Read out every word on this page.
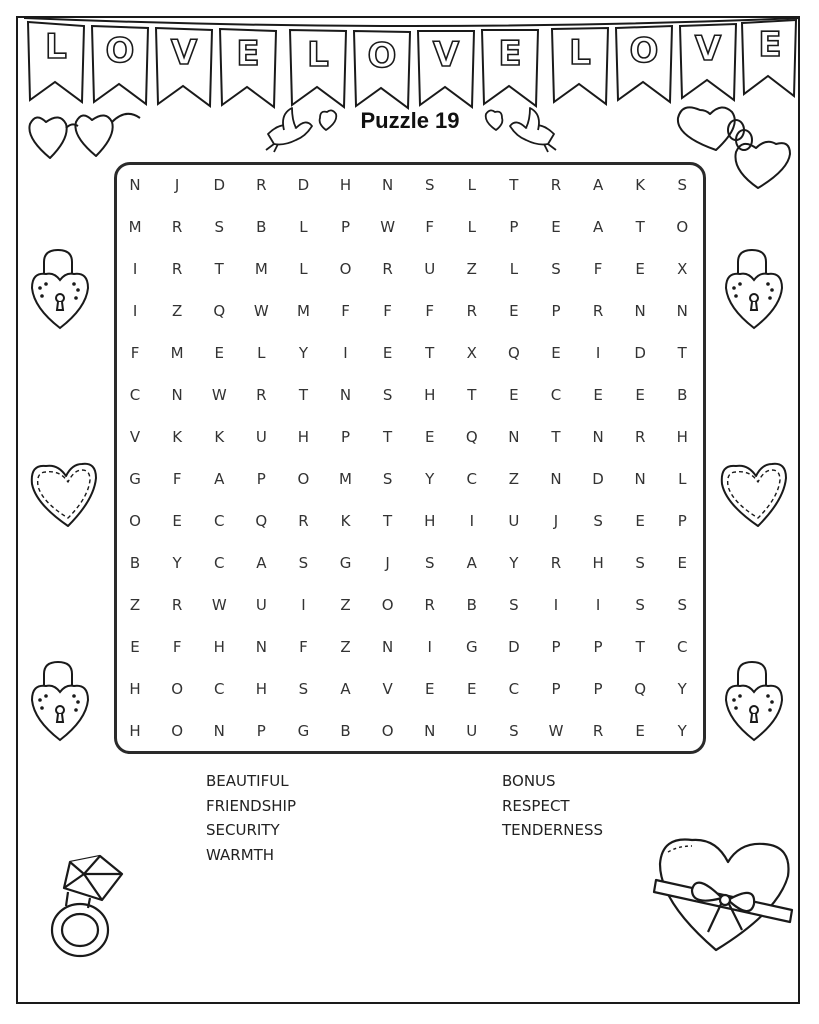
L	O	V	E	L	O	V	E	L	O	V	E
Puzzle 19
N	J	D	R	D	H	N	S	L	T	R	A	K	S
M	R	S	B	L	P	W	F	L	P	E	A	T	O
I	R	T	M	L	O	R	U	Z	L	S	F	E	X
I	Z	Q	W	M	F	F	F	R	E	P	R	N	N
F	M	E	L	Y	I	E	T	X	Q	E	I	D	T
C	N	W	R	T	N	S	H	T	E	C	E	E	B
V	K	K	U	H	P	T	E	Q	N	T	N	R	H
G	F	A	P	O	M	S	Y	C	Z	N	D	N	L
O	E	C	Q	R	K	T	H	I	U	J	S	E	P
B	Y	C	A	S	G	J	S	A	Y	R	H	S	E
Z	R	W	U	I	Z	O	R	B	S	I	I	S	S
E	F	H	N	F	Z	N	I	G	D	P	P	T	C
H	O	C	H	S	A	V	E	E	C	P	P	Q	Y
H	O	N	P	G	B	O	N	U	S	W	R	E	Y
BEAUTIFUL
FRIENDSHIP
SECURITY
WARMTH
BONUS
RESPECT
TENDERNESS
